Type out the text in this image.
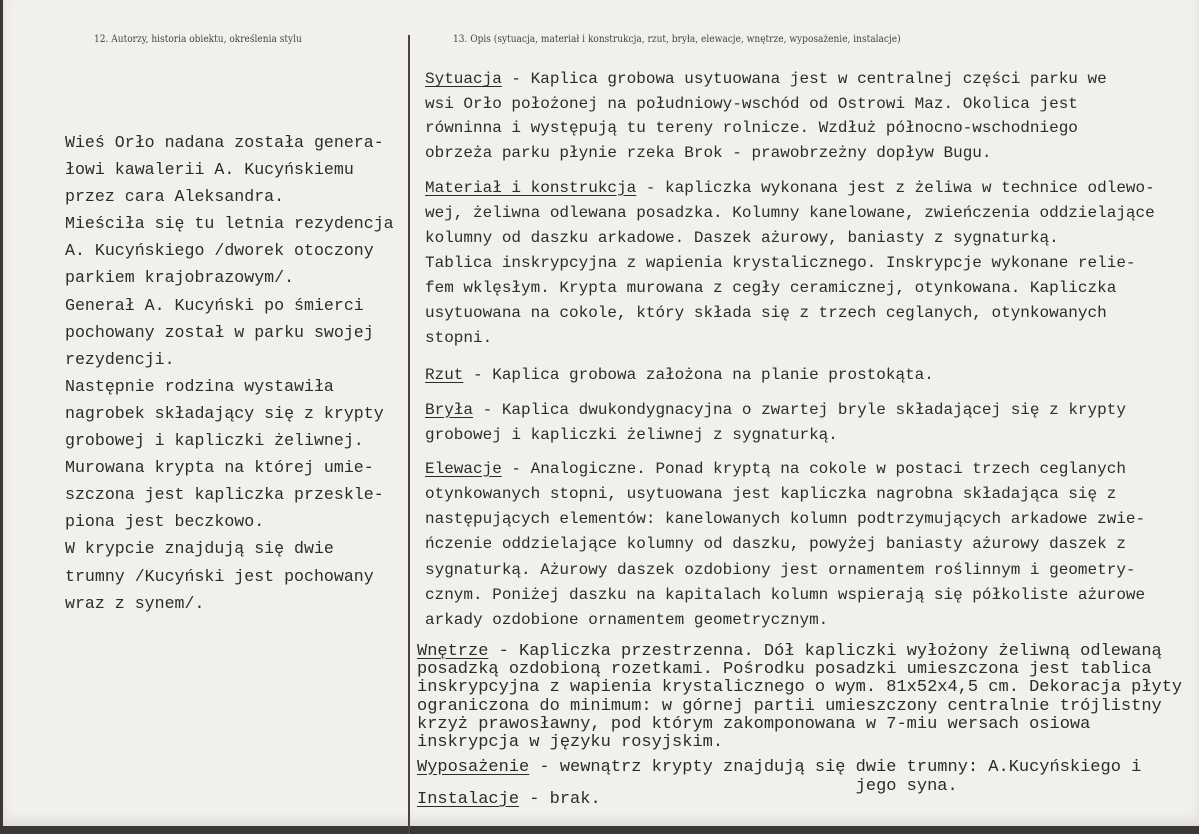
12. Autorzy, historia obiektu, określenia stylu	13. Opis (sytuacja, materiał i konstrukcja, rzut, bryła, elewacje, wnętrze, wyposażenie, instalacje)
Wieś Orło nadana została genera-
łowi kawalerii A. Kucyńskiemu
przez cara Aleksandra.
Mieściła się tu letnia rezydencja
A. Kucyńskiego /dworek otoczony
parkiem krajobrazowym/.
Generał A. Kucyński po śmierci
pochowany został w parku swojej
rezydencji.
Następnie rodzina wystawiła
nagrobek składający się z krypty
grobowej i kapliczki żeliwnej.
Murowana krypta na której umie-
szczona jest kapliczka przeskle-
piona jest beczkowo.
W krypcie znajdują się dwie
trumny /Kucyński jest pochowany
wraz z synem/.
Sytuacja - Kaplica grobowa usytuowana jest w centralnej części parku we
wsi Orło położonej na południowy-wschód od Ostrowi Maz. Okolica jest
równinna i występują tu tereny rolnicze. Wzdłuż północno-wschodniego
obrzeża parku płynie rzeka Brok - prawobrzeżny dopływ Bugu.
Materiał i konstrukcja - kapliczka wykonana jest z żeliwa w technice odlewo-
wej, żeliwna odlewana posadzka. Kolumny kanelowane, zwieńczenia oddzielające
kolumny od daszku arkadowe. Daszek ażurowy, baniasty z sygnaturką.
Tablica inskrypcyjna z wapienia krystalicznego. Inskrypcje wykonane relie-
fem wklęsłym. Krypta murowana z cegły ceramicznej, otynkowana. Kapliczka
usytuowana na cokole, który składa się z trzech ceglanych, otynkowanych
stopni.
Rzut - Kaplica grobowa założona na planie prostokąta.
Bryła - Kaplica dwukondygnacyjna o zwartej bryle składającej się z krypty
grobowej i kapliczki żeliwnej z sygnaturką.
Elewacje - Analogiczne. Ponad kryptą na cokole w postaci trzech ceglanych
otynkowanych stopni, usytuowana jest kapliczka nagrobna składająca się z
następujących elementów: kanelowanych kolumn podtrzymujących arkadowe zwie-
ńczenie oddzielające kolumny od daszku, powyżej baniasty ażurowy daszek z
sygnaturką. Ażurowy daszek ozdobiony jest ornamentem roślinnym i geometry-
cznym. Poniżej daszku na kapitalach kolumn wspierają się półkoliste ażurowe
arkady ozdobione ornamentem geometrycznym.
Wnętrze - Kapliczka przestrzenna. Dół kapliczki wyłożony żeliwną odlewaną
posadzką ozdobioną rozetkami. Pośrodku posadzki umieszczona jest tablica
inskrypcyjna z wapienia krystalicznego o wym. 81x52x4,5 cm. Dekoracja płyty
ograniczona do minimum: w górnej partii umieszczony centralnie trójlistny
krzyż prawosławny, pod którym zakomponowana w 7-miu wersach osiowa
inskrypcja w języku rosyjskim.
Wyposażenie - wewnątrz krypty znajdują się dwie trumny: A.Kucyńskiego i
jego syna.
Instalacje - brak.
